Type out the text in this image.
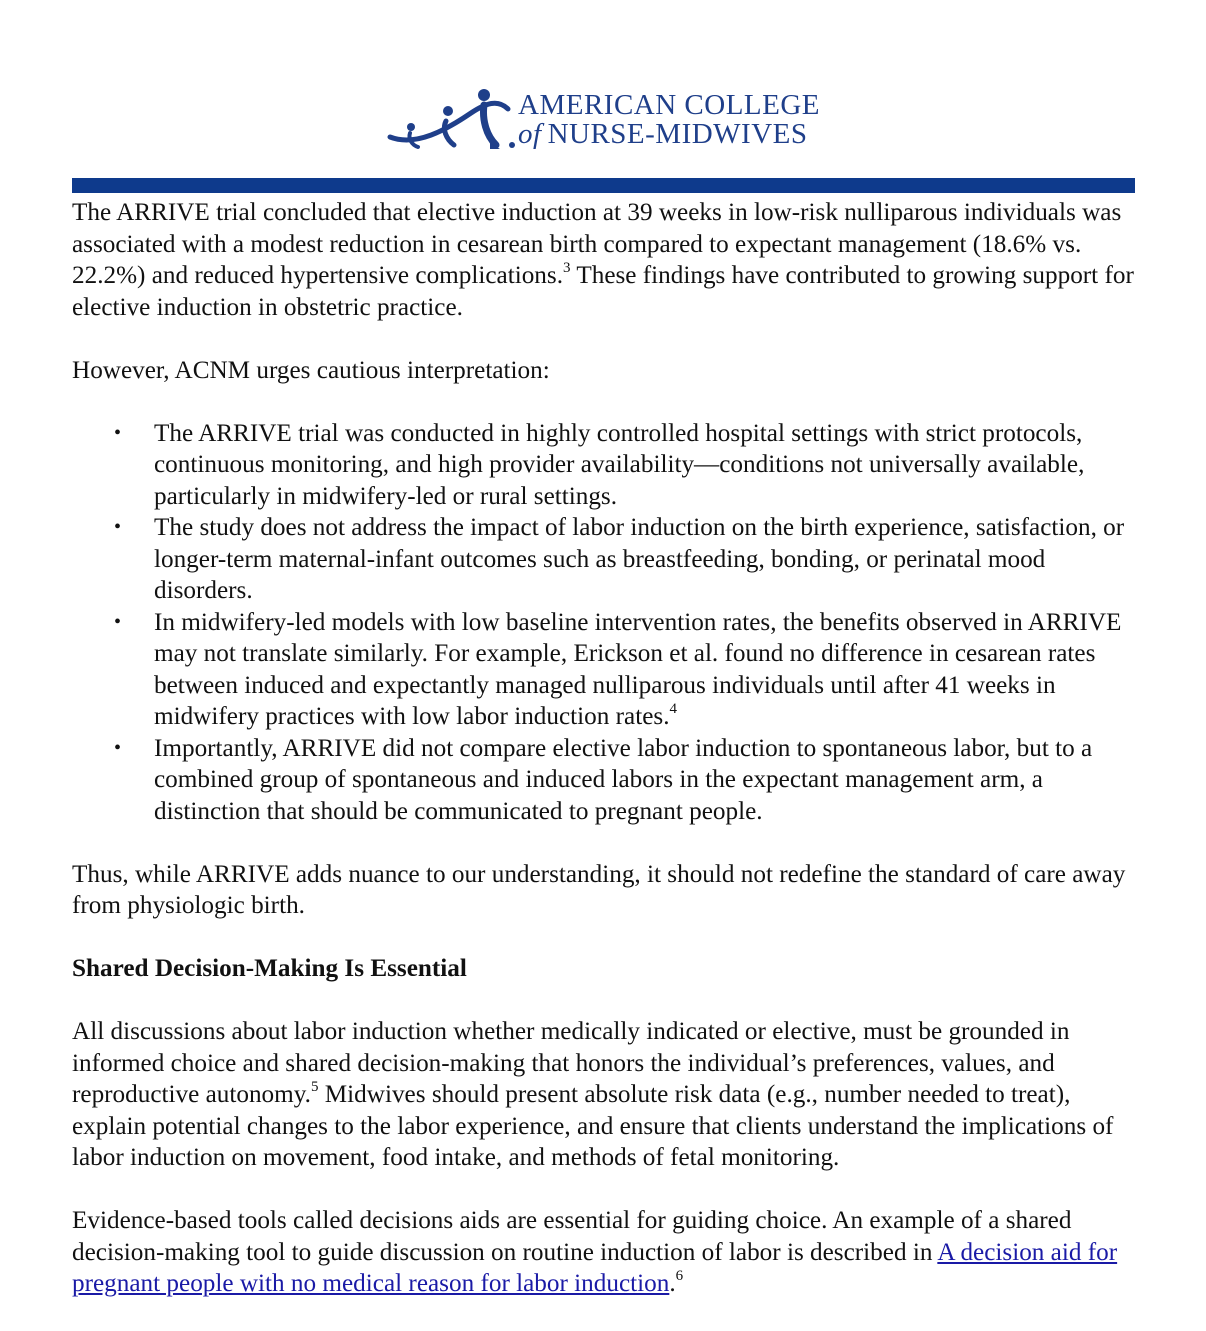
AMERICAN COLLEGE
of NURSE-MIDWIVES

The ARRIVE trial concluded that elective induction at 39 weeks in low-risk nulliparous individuals was associated with a modest reduction in cesarean birth compared to expectant management (18.6% vs. 22.2%) and reduced hypertensive complications.$^3$ These findings have contributed to growing support for elective induction in obstetric practice.

However, ACNM urges cautious interpretation:

• The ARRIVE trial was conducted in highly controlled hospital settings with strict protocols, continuous monitoring, and high provider availability—conditions not universally available, particularly in midwifery-led or rural settings.
• The study does not address the impact of labor induction on the birth experience, satisfaction, or longer-term maternal-infant outcomes such as breastfeeding, bonding, or perinatal mood disorders.
• In midwifery-led models with low baseline intervention rates, the benefits observed in ARRIVE may not translate similarly. For example, Erickson et al. found no difference in cesarean rates between induced and expectantly managed nulliparous individuals until after 41 weeks in midwifery practices with low labor induction rates.$^4$
• Importantly, ARRIVE did not compare elective labor induction to spontaneous labor, but to a combined group of spontaneous and induced labors in the expectant management arm, a distinction that should be communicated to pregnant people.

Thus, while ARRIVE adds nuance to our understanding, it should not redefine the standard of care away from physiologic birth.

Shared Decision-Making Is Essential

All discussions about labor induction whether medically indicated or elective, must be grounded in informed choice and shared decision-making that honors the individual’s preferences, values, and reproductive autonomy.$^5$ Midwives should present absolute risk data (e.g., number needed to treat), explain potential changes to the labor experience, and ensure that clients understand the implications of labor induction on movement, food intake, and methods of fetal monitoring.

Evidence-based tools called decisions aids are essential for guiding choice. An example of a shared decision-making tool to guide discussion on routine induction of labor is described in A decision aid for pregnant people with no medical reason for labor induction.$^6$
